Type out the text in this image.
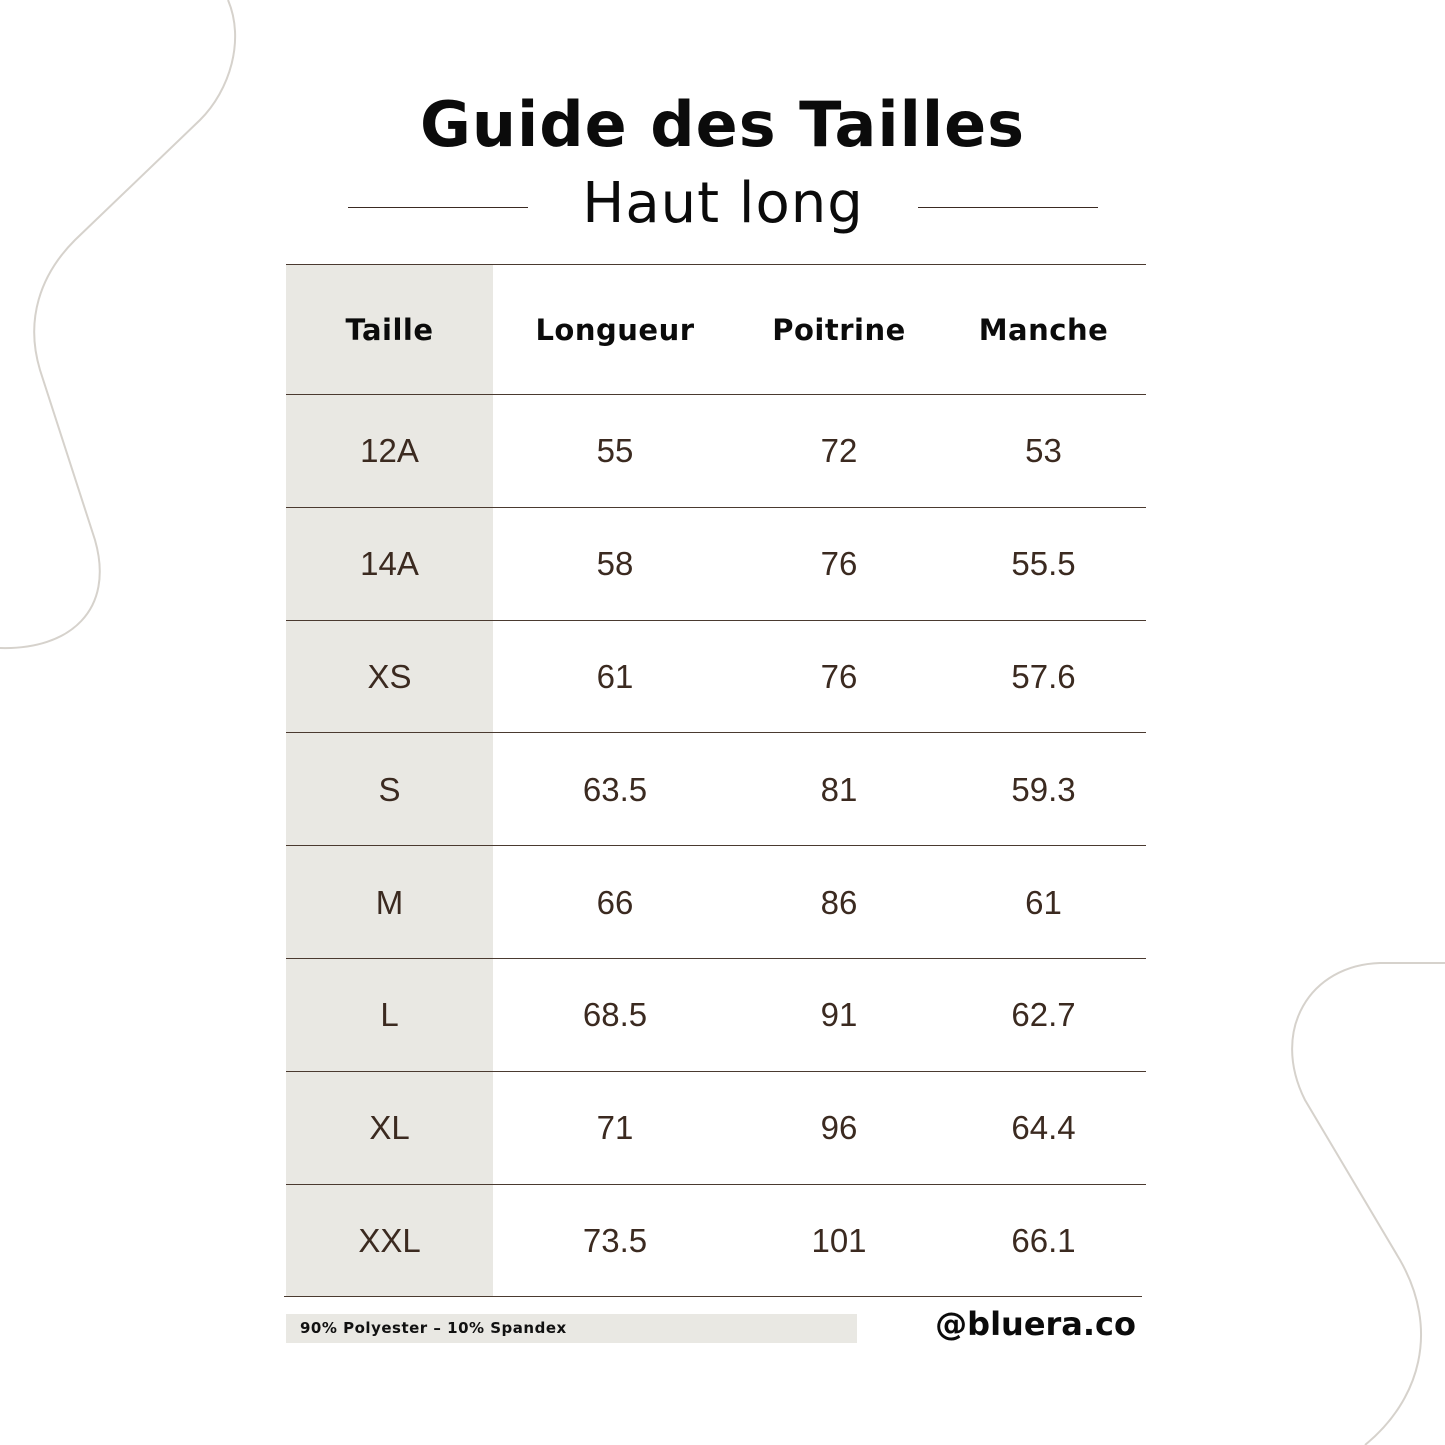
Guide des Tailles
Haut long
Taille	Longueur	Poitrine	Manche
12A	55	72	53
14A	58	76	55.5
XS	61	76	57.6
S	63.5	81	59.3
M	66	86	61
L	68.5	91	62.7
XL	71	96	64.4
XXL	73.5	101	66.1
90% Polyester – 10% Spandex	@bluera.co
